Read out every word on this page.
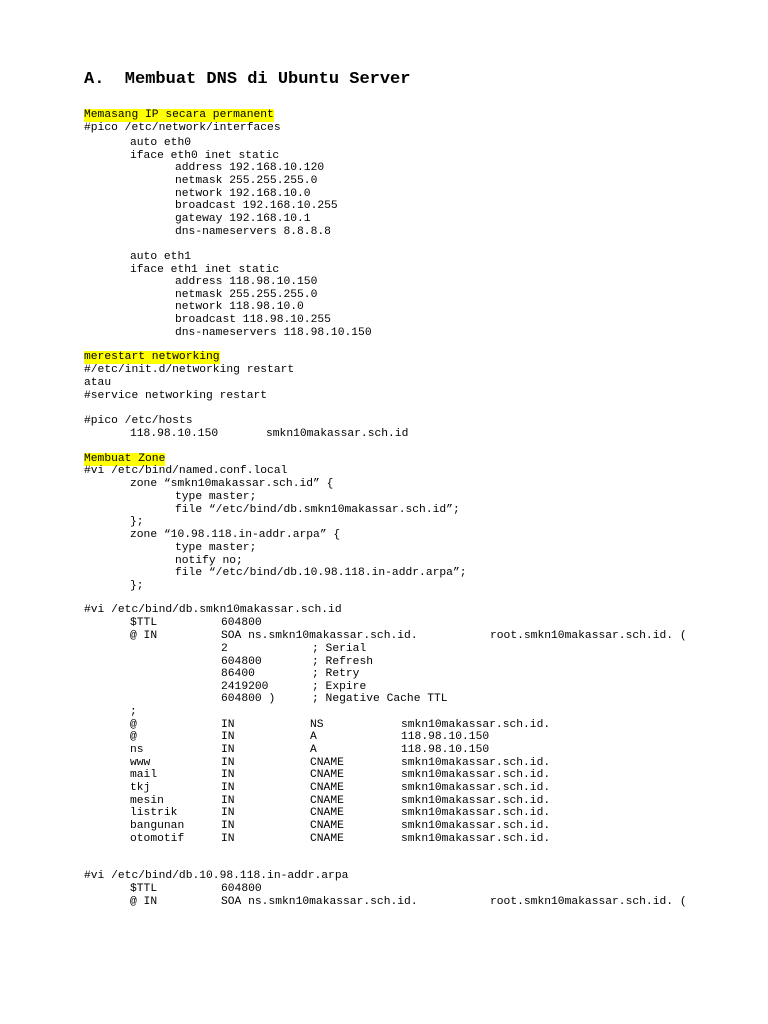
A.  Membuat DNS di Ubuntu Server
Memasang IP secara permanent
#pico /etc/network/interfaces
auto eth0
iface eth0 inet static
address 192.168.10.120
netmask 255.255.255.0
network 192.168.10.0
broadcast 192.168.10.255
gateway 192.168.10.1
dns-nameservers 8.8.8.8
auto eth1
iface eth1 inet static
address 118.98.10.150
netmask 255.255.255.0
network 118.98.10.0
broadcast 118.98.10.255
dns-nameservers 118.98.10.150
merestart networking
#/etc/init.d/networking restart
atau
#service networking restart
#pico /etc/hosts
118.98.10.150	smkn10makassar.sch.id
Membuat Zone
#vi /etc/bind/named.conf.local
zone “smkn10makassar.sch.id” {
type master;
file “/etc/bind/db.smkn10makassar.sch.id”;
};
zone “10.98.118.in-addr.arpa” {
type master;
notify no;
file “/etc/bind/db.10.98.118.in-addr.arpa”;
};
#vi /etc/bind/db.smkn10makassar.sch.id
$TTL	604800
@ IN	SOA ns.smkn10makassar.sch.id.	root.smkn10makassar.sch.id. (
2	; Serial
604800	; Refresh
86400	; Retry
2419200	; Expire
604800 )	; Negative Cache TTL
;
@	IN	NS	smkn10makassar.sch.id.
@	IN	A	118.98.10.150
ns	IN	A	118.98.10.150
www	IN	CNAME	smkn10makassar.sch.id.
mail	IN	CNAME	smkn10makassar.sch.id.
tkj	IN	CNAME	smkn10makassar.sch.id.
mesin	IN	CNAME	smkn10makassar.sch.id.
listrik	IN	CNAME	smkn10makassar.sch.id.
bangunan	IN	CNAME	smkn10makassar.sch.id.
otomotif	IN	CNAME	smkn10makassar.sch.id.
#vi /etc/bind/db.10.98.118.in-addr.arpa
$TTL	604800
@ IN	SOA ns.smkn10makassar.sch.id.	root.smkn10makassar.sch.id. (
